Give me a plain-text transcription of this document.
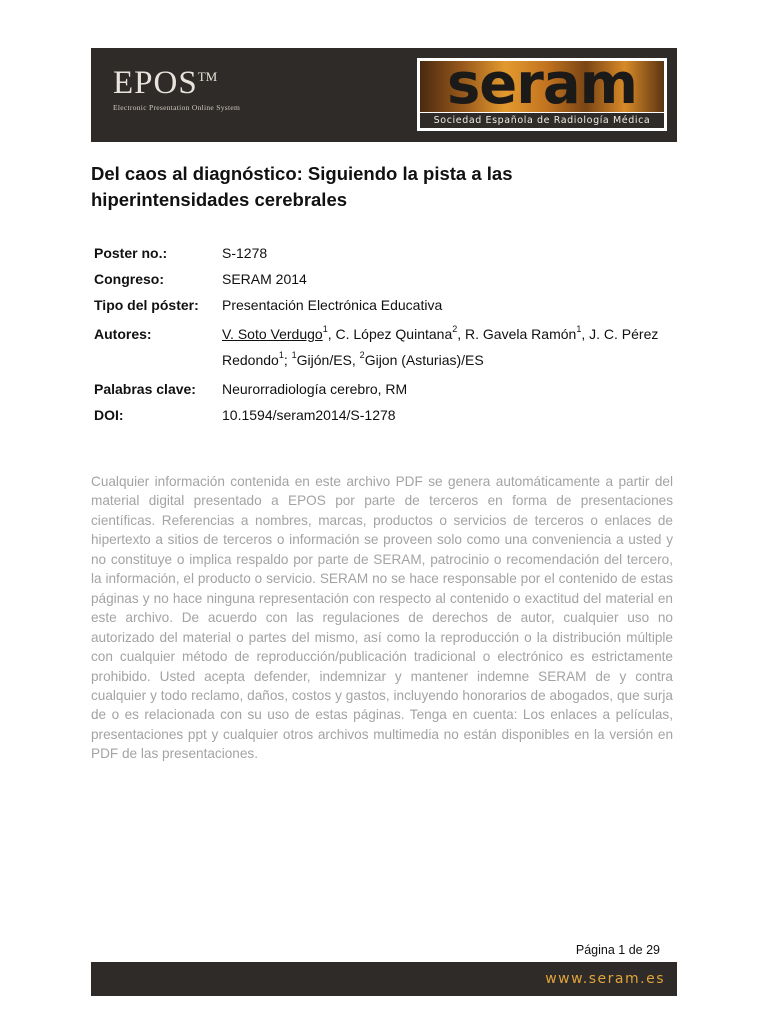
EPOS™
Electronic Presentation Online System	seram
Sociedad Española de Radiología Médica
Del caos al diagnóstico: Siguiendo la pista a las hiperintensidades cerebrales
Poster no.:	S-1278
Congreso:	SERAM 2014
Tipo del póster:	Presentación Electrónica Educativa
Autores:	V. Soto Verdugo$^1$, C. López Quintana$^2$, R. Gavela Ramón$^1$, J. C. Pérez Redondo$^1$; $^1$Gijón/ES, $^2$Gijon (Asturias)/ES
Palabras clave:	Neurorradiología cerebro, RM
DOI:	10.1594/seram2014/S-1278

Cualquier información contenida en este archivo PDF se genera automáticamente a partir del material digital presentado a EPOS por parte de terceros en forma de presentaciones científicas. Referencias a nombres, marcas, productos o servicios de terceros o enlaces de hipertexto a sitios de terceros o información se proveen solo como una conveniencia a usted y no constituye o implica respaldo por parte de SERAM, patrocinio o recomendación del tercero, la información, el producto o servicio. SERAM no se hace responsable por el contenido de estas páginas y no hace ninguna representación con respecto al contenido o exactitud del material en este archivo. De acuerdo con las regulaciones de derechos de autor, cualquier uso no autorizado del material o partes del mismo, así como la reproducción o la distribución múltiple con cualquier método de reproducción/publicación tradicional o electrónico es estrictamente prohibido. Usted acepta defender, indemnizar y mantener indemne SERAM de y contra cualquier y todo reclamo, daños, costos y gastos, incluyendo honorarios de abogados, que surja de o es relacionada con su uso de estas páginas. Tenga en cuenta: Los enlaces a películas, presentaciones ppt y cualquier otros archivos multimedia no están disponibles en la versión en PDF de las presentaciones.

Página 1 de 29
www.seram.es
